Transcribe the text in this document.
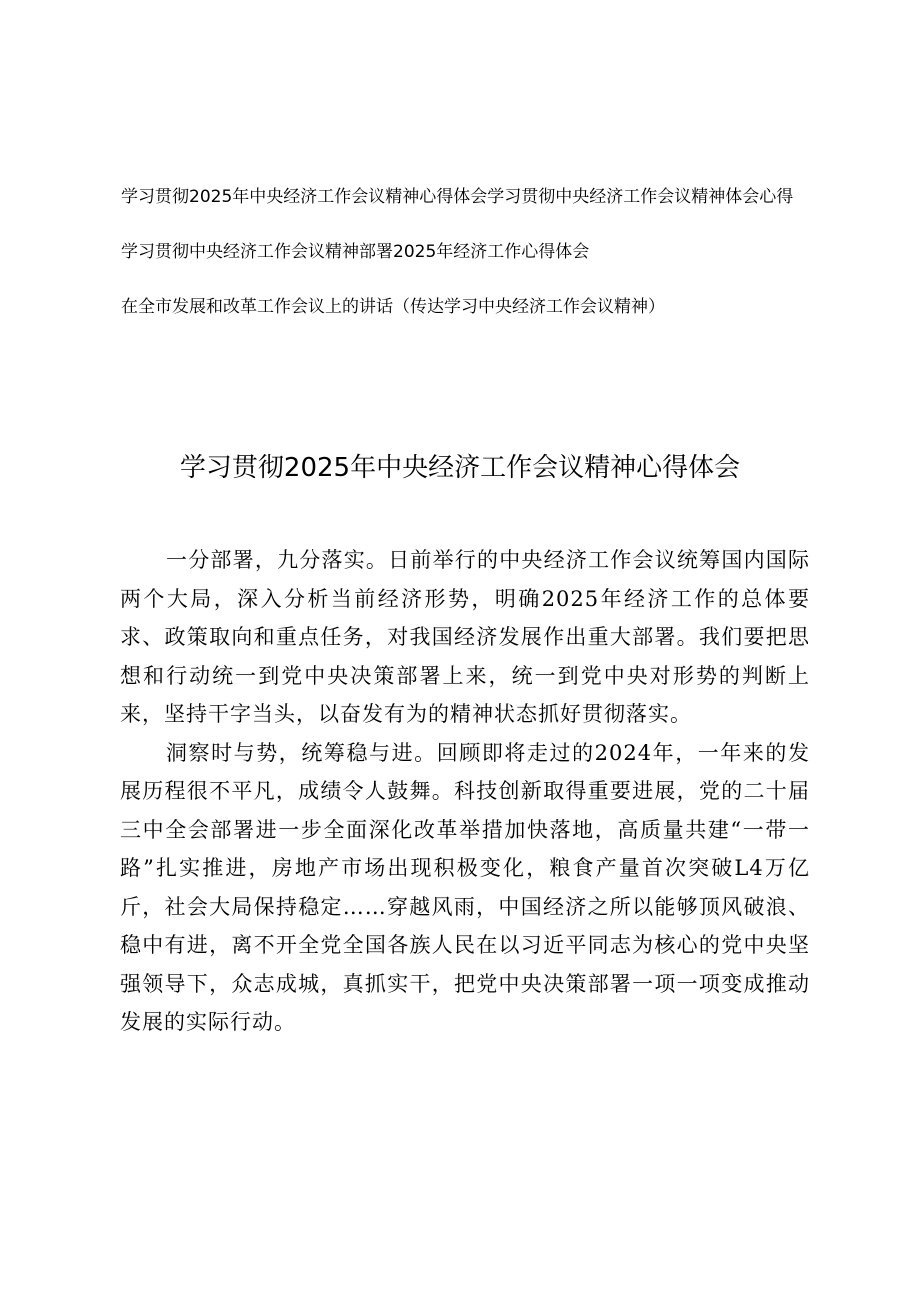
学习贯彻2025年中央经济工作会议精神心得体会学习贯彻中央经济工作会议精神体会心得
学习贯彻中央经济工作会议精神部署2025年经济工作心得体会
在全市发展和改革工作会议上的讲话（传达学习中央经济工作会议精神）
学习贯彻2025年中央经济工作会议精神心得体会

一分部署，九分落实。日前举行的中央经济工作会议统筹国内国际两个大局，深入分析当前经济形势，明确2025年经济工作的总体要求、政策取向和重点任务，对我国经济发展作出重大部署。我们要把思想和行动统一到党中央决策部署上来，统一到党中央对形势的判断上来，坚持干字当头，以奋发有为的精神状态抓好贯彻落实。

洞察时与势，统筹稳与进。回顾即将走过的2024年，一年来的发展历程很不平凡，成绩令人鼓舞。科技创新取得重要进展，党的二十届三中全会部署进一步全面深化改革举措加快落地，高质量共建“一带一路”扎实推进，房地产市场出现积极变化，粮食产量首次突破L4万亿斤，社会大局保持稳定……穿越风雨，中国经济之所以能够顶风破浪、稳中有进，离不开全党全国各族人民在以习近平同志为核心的党中央坚强领导下，众志成城，真抓实干，把党中央决策部署一项一项变成推动发展的实际行动。
